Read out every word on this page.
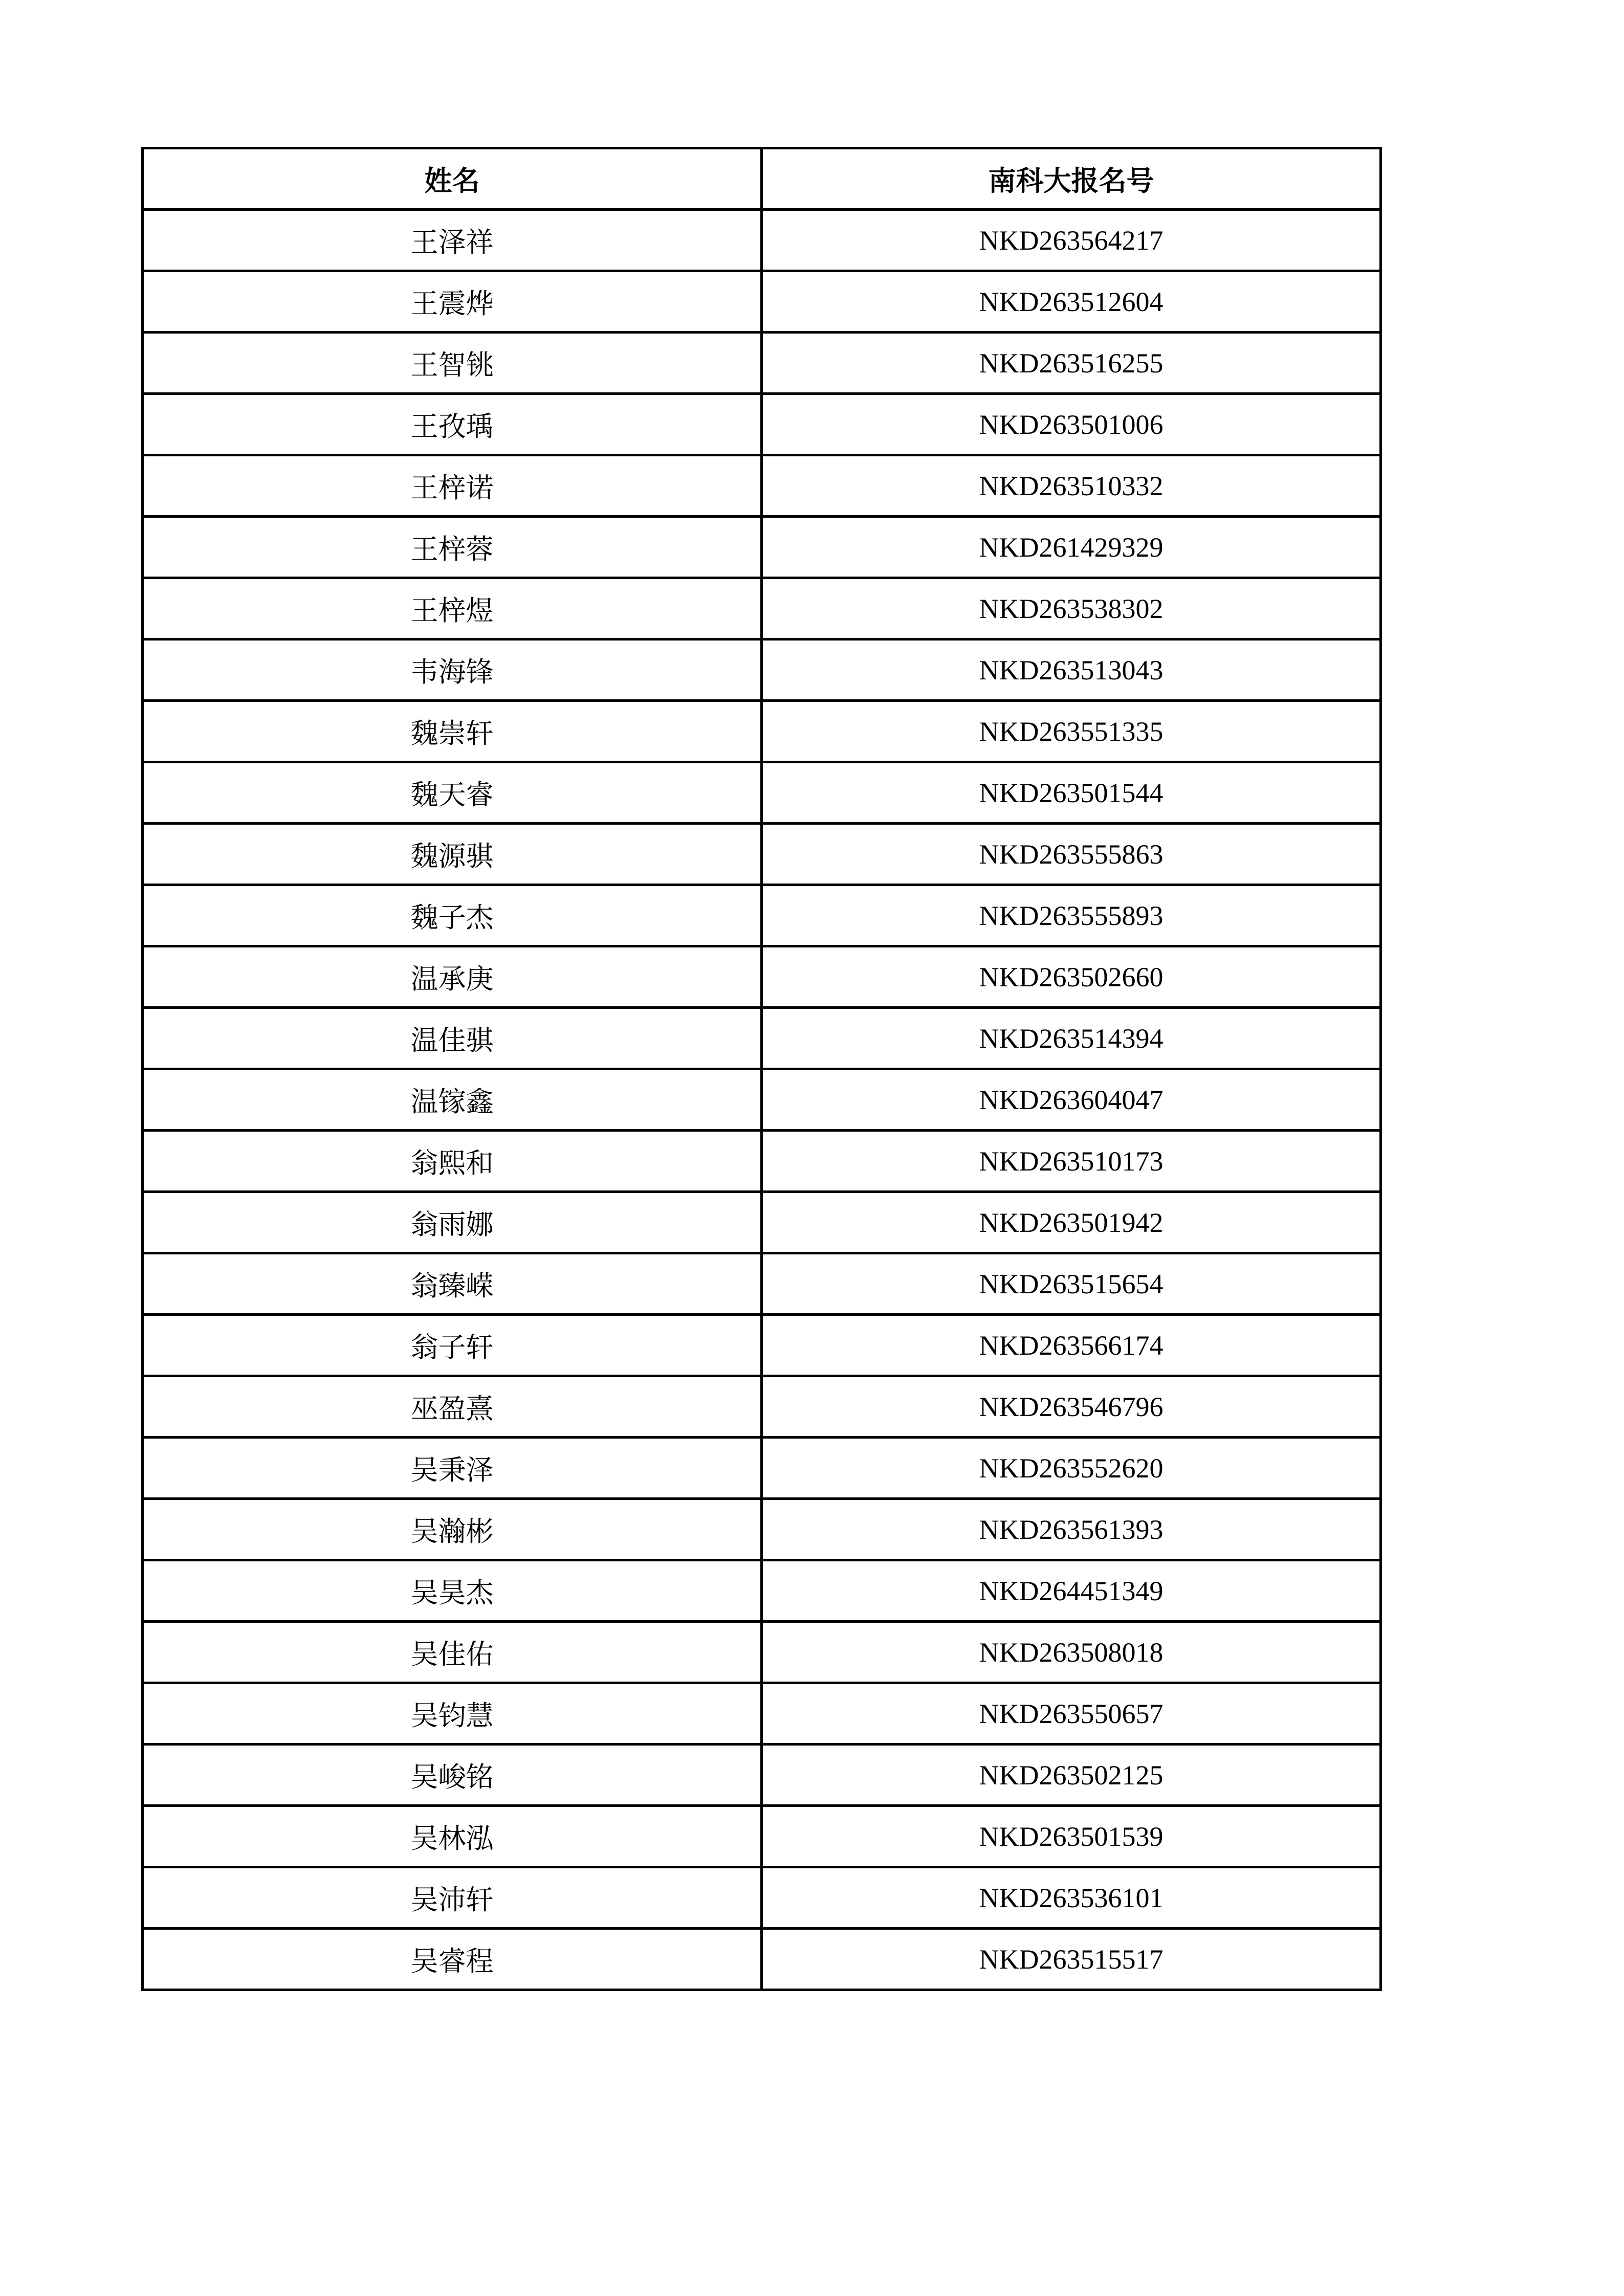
姓名	南科大报名号
王泽祥	NKD263564217
王震烨	NKD263512604
王智铫	NKD263516255
王孜瑀	NKD263501006
王梓诺	NKD263510332
王梓蓉	NKD261429329
王梓煜	NKD263538302
韦海锋	NKD263513043
魏崇轩	NKD263551335
魏天睿	NKD263501544
魏源骐	NKD263555863
魏子杰	NKD263555893
温承庚	NKD263502660
温佳骐	NKD263514394
温镓鑫	NKD263604047
翁熙和	NKD263510173
翁雨娜	NKD263501942
翁臻嵘	NKD263515654
翁子轩	NKD263566174
巫盈熹	NKD263546796
吴秉泽	NKD263552620
吴瀚彬	NKD263561393
吴昊杰	NKD264451349
吴佳佑	NKD263508018
吴钧慧	NKD263550657
吴峻铭	NKD263502125
吴林泓	NKD263501539
吴沛轩	NKD263536101
吴睿程	NKD263515517
